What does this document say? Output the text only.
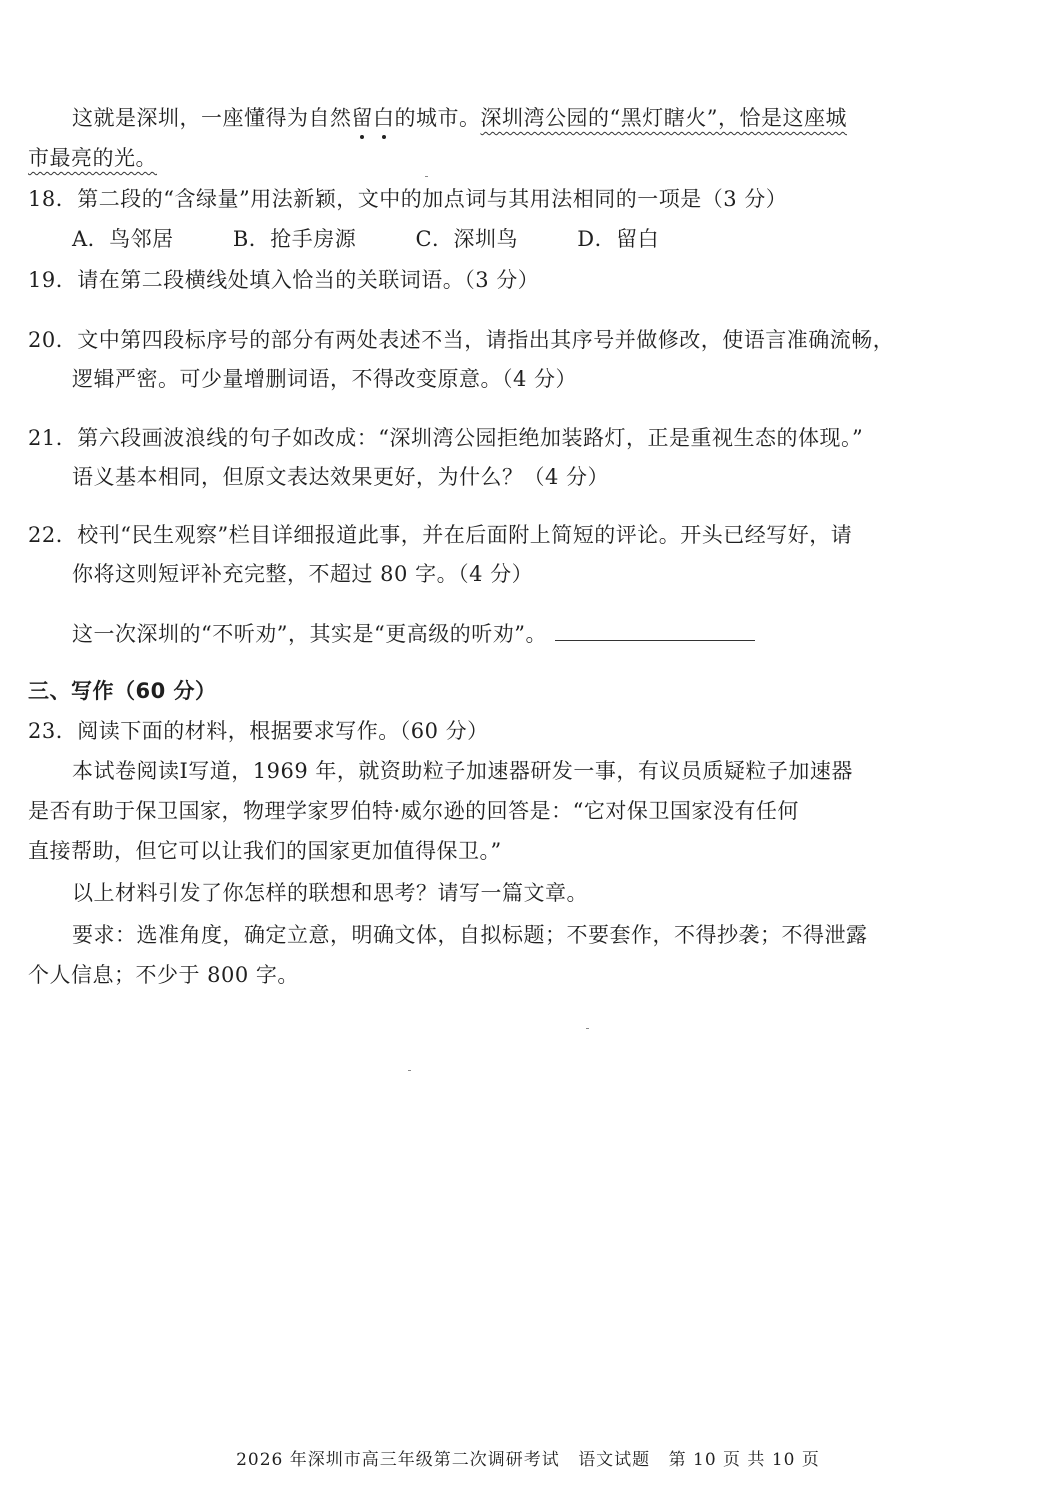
这就是深圳，一座懂得为自然留白的城市。深圳湾公园的“黑灯瞎火”，恰是这座城
市最亮的光。
18．第二段的“含绿量”用法新颖，文中的加点词与其用法相同的一项是（3 分）
A．鸟邻居	B．抢手房源	C．深圳鸟	D．留白
19．请在第二段横线处填入恰当的关联词语。（3 分）
20．文中第四段标序号的部分有两处表述不当，请指出其序号并做修改，使语言准确流畅，
逻辑严密。可少量增删词语，不得改变原意。（4 分）
21．第六段画波浪线的句子如改成：“深圳湾公园拒绝加装路灯，正是重视生态的体现。”
语义基本相同，但原文表达效果更好，为什么？（4 分）
22．校刊“民生观察”栏目详细报道此事，并在后面附上简短的评论。开头已经写好，请
你将这则短评补充完整，不超过 80 字。（4 分）
这一次深圳的“不听劝”，其实是“更高级的听劝”。
三、写作（60 分）
23．阅读下面的材料，根据要求写作。（60 分）
本试卷阅读Ⅰ写道，1969 年，就资助粒子加速器研发一事，有议员质疑粒子加速器
是否有助于保卫国家，物理学家罗伯特·威尔逊的回答是：“它对保卫国家没有任何
直接帮助，但它可以让我们的国家更加值得保卫。”
以上材料引发了你怎样的联想和思考？请写一篇文章。
要求：选准角度，确定立意，明确文体，自拟标题；不要套作，不得抄袭；不得泄露
个人信息；不少于 800 字。
2026 年深圳市高三年级第二次调研考试 语文试题 第 10 页 共 10 页
